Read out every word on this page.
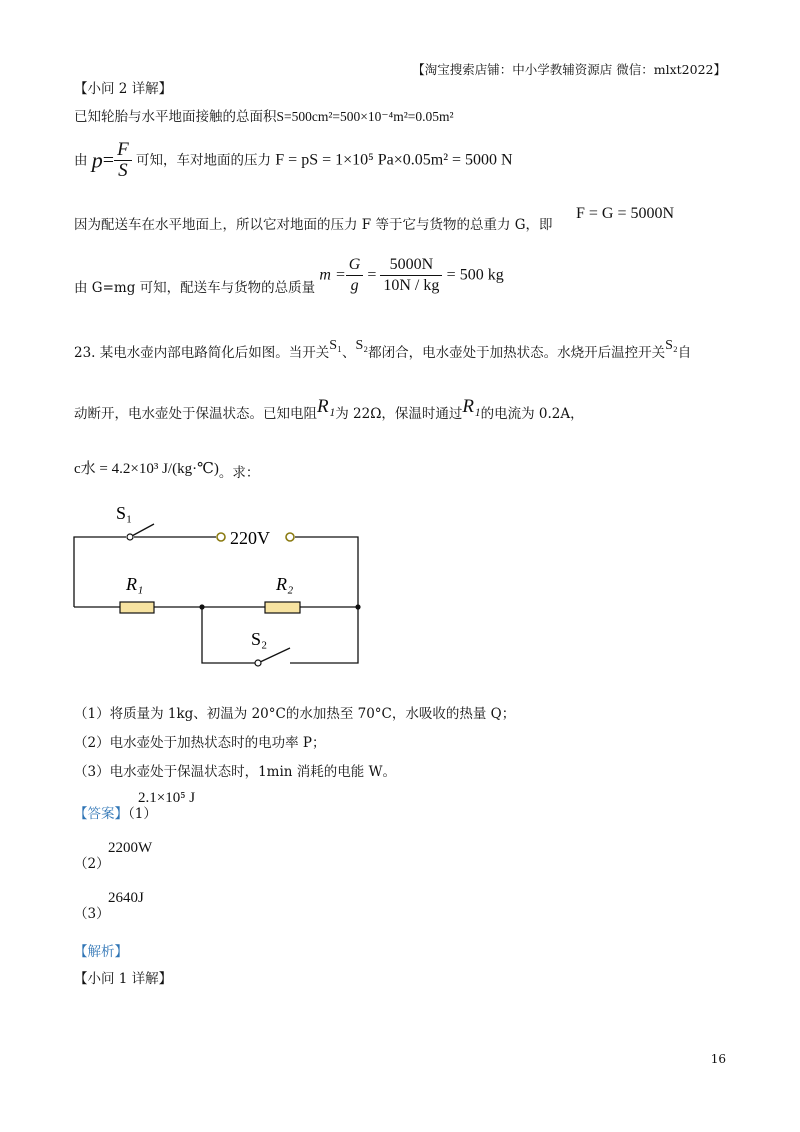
【淘宝搜索店铺：中小学教辅资源店 微信：mlxt2022】
【小问 2 详解】
已知轮胎与水平地面接触的总面积S=500cm²=500×10⁻⁴m²=0.05m²
由 $p= \frac{F}{S}$ 可知，车对地面的压力 F = pS = 1×10⁵ Pa×0.05m² = 5000 N
因为配送车在水平地面上，所以它对地面的压力 F 等于它与货物的总重力 G，即
F = G = 5000N
由 G=mg 可知，配送车与货物的总质量 $m = \frac{G}{g} = \frac{5000N}{10N / kg} = 500$ kg
23. 某电水壶内部电路简化后如图。当开关S₁、S₂都闭合，电水壶处于加热状态。水烧开后温控开关S₂自
动断开，电水壶处于保温状态。已知电阻R₁为 22Ω，保温时通过R₁的电流为 0.2A，
c水 = 4.2×10³ J/(kg·℃)。求：
S₁
220V
R₁	R₂
S₂
（1）将质量为 1kg、初温为 20°C的水加热至 70°C，水吸收的热量 Q；
（2）电水壶处于加热状态时的电功率 P；
（3）电水壶处于保温状态时，1min 消耗的电能 W。
【答案】（1）
2.1×10⁵ J
（2）
2200W
（3）
2640J
【解析】
【小问 1 详解】
16
